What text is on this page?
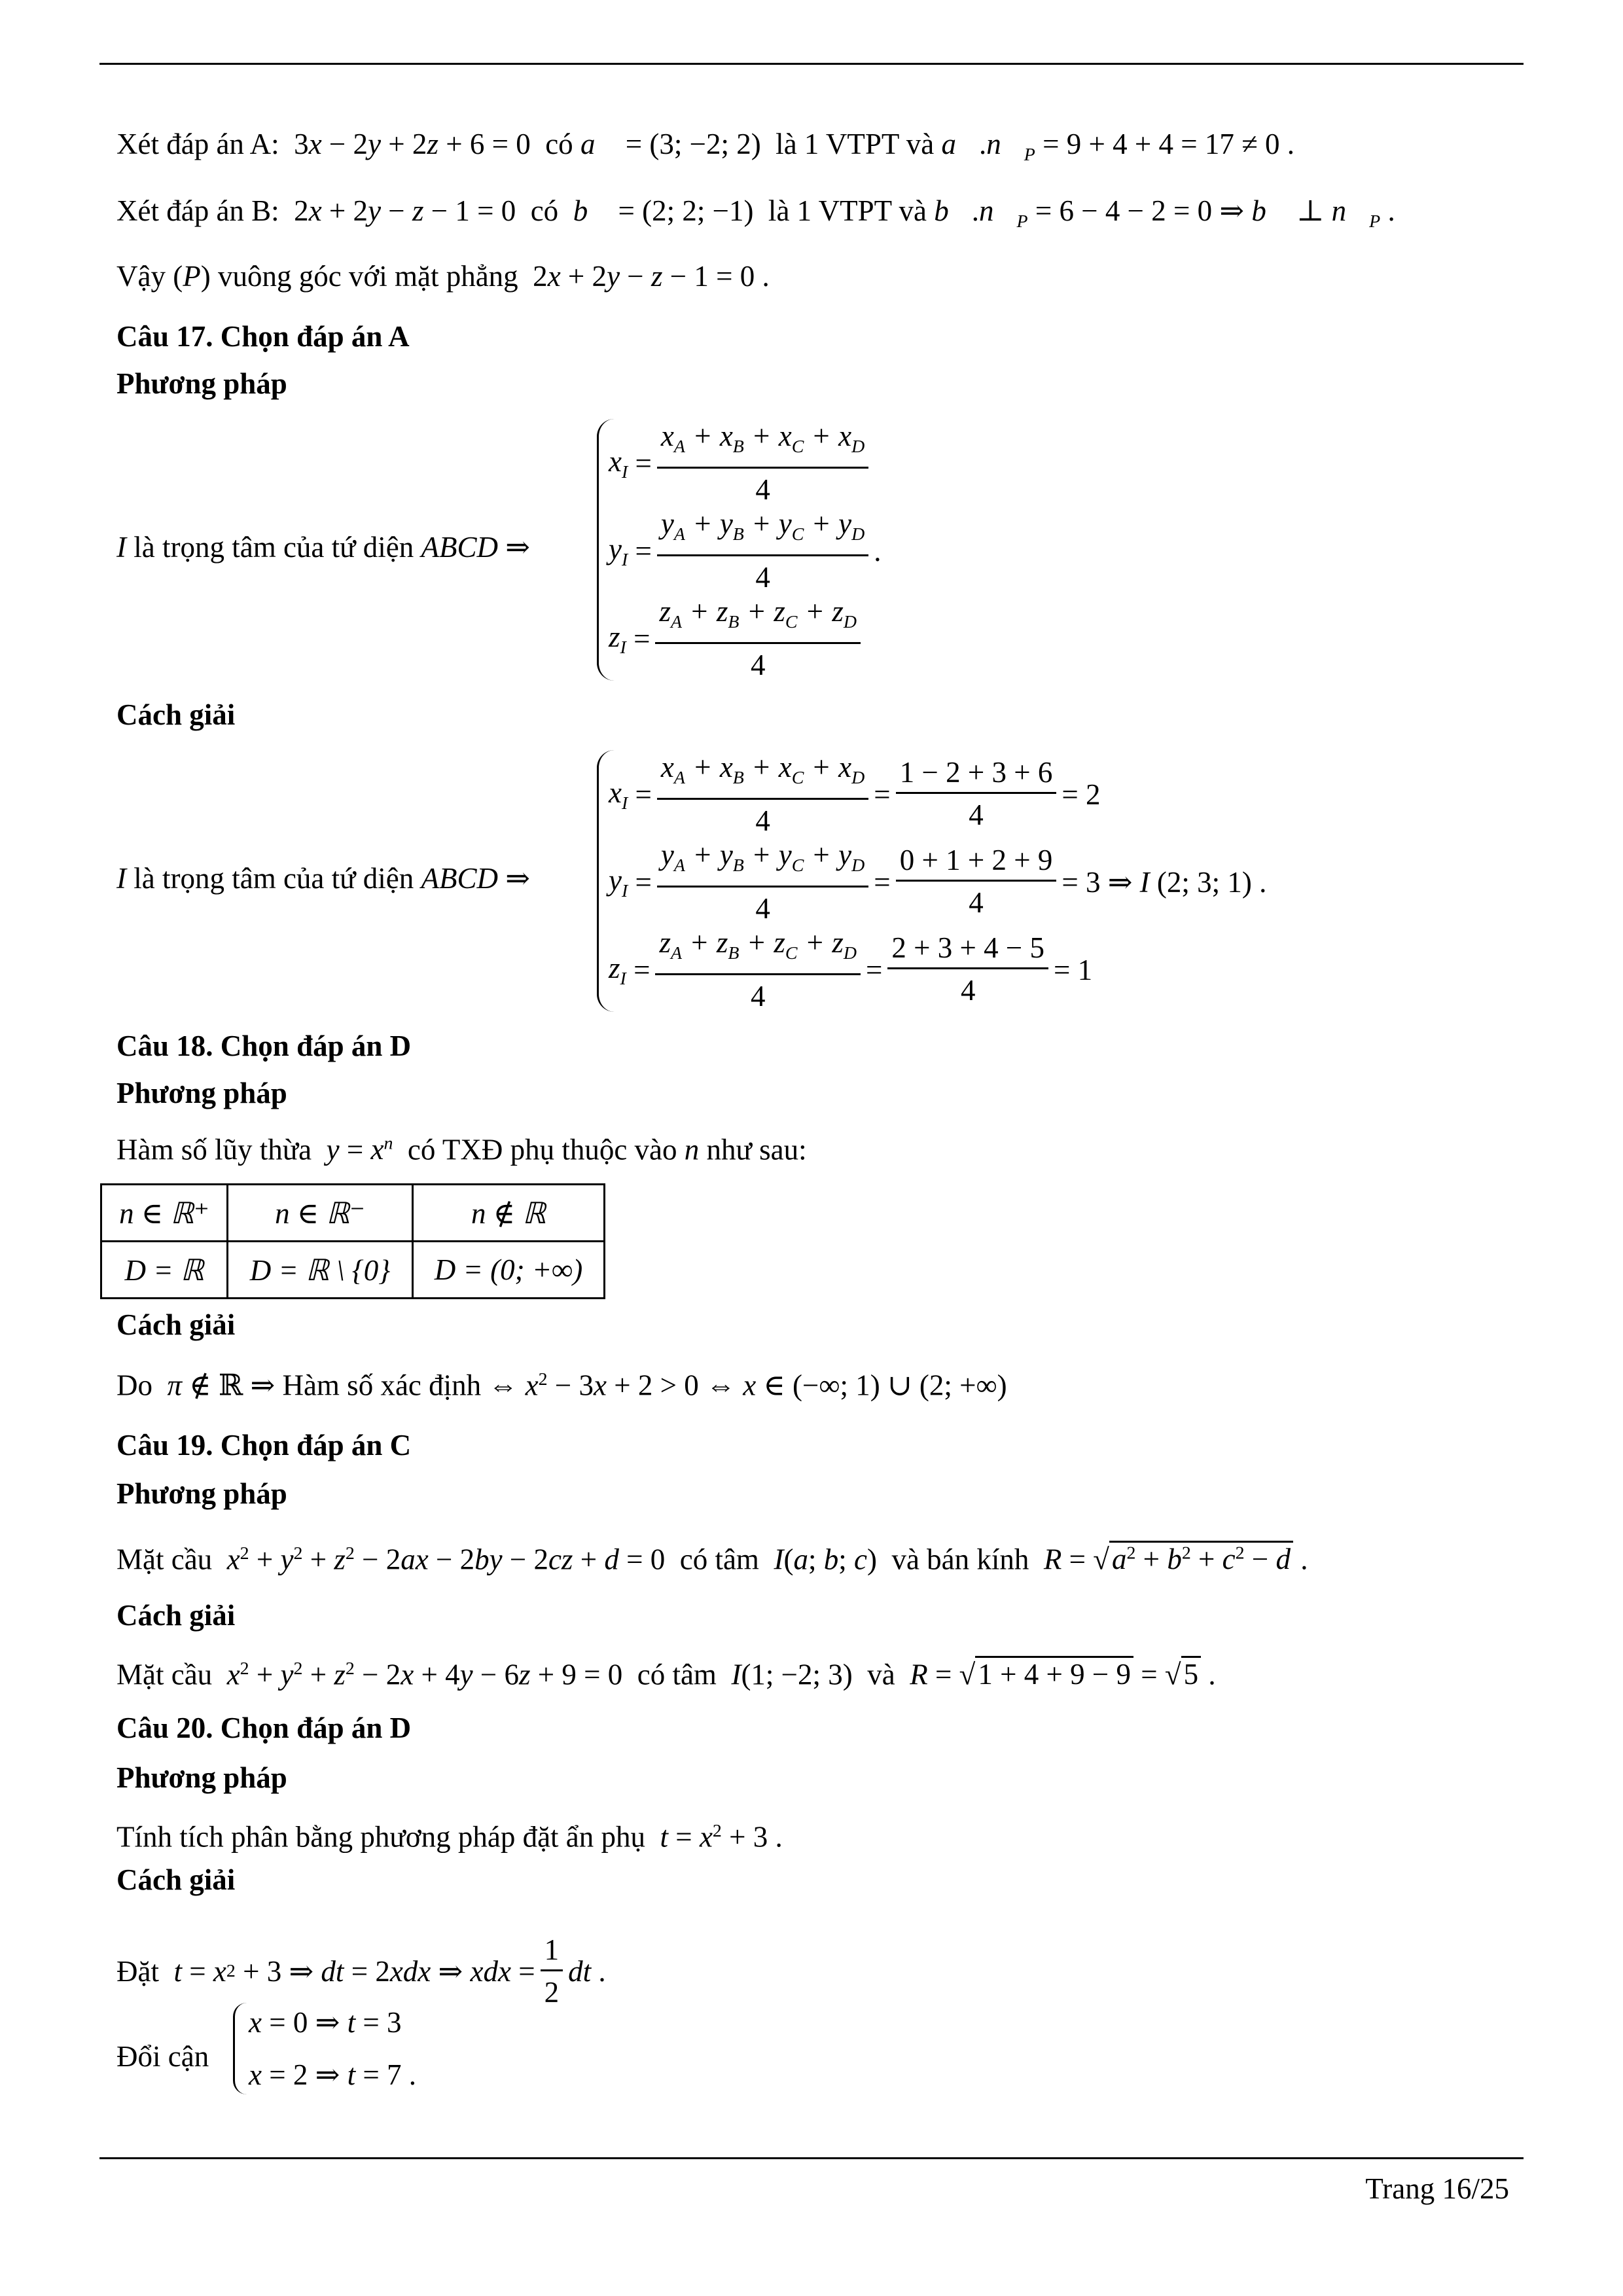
Xét đáp án A:  3x − 2y + 2z + 6 = 0  có a⃗ = (3; −2; 2)  là 1 VTPT và $a⃗.n⃗_P = 9 + 4 + 4 = 17 \ne 0$ .
Xét đáp án B:  2x + 2y − z − 1 = 0  có  b⃗ = (2; 2; −1)  là 1 VTPT và $b⃗.n⃗_P = 6 - 4 - 2 = 0$ ⇒ b⃗ ⊥ $n⃗_P$ .
Vậy (P) vuông góc với mặt phẳng  2x + 2y − z − 1 = 0 .
Câu 17. Chọn đáp án A
Phương pháp
I là trọng tâm của tứ diện ABCD ⇒
$x_I = \frac{x_A + x_B + x_C + x_D}{4}$
$y_I = \frac{y_A + y_B + y_C + y_D}{4}$ .
$z_I = \frac{z_A + z_B + z_C + z_D}{4}$
Cách giải
I là trọng tâm của tứ diện ABCD ⇒
$x_I = \frac{x_A + x_B + x_C + x_D}{4} = \frac{1 - 2 + 3 + 6}{4} = 2$
$y_I = \frac{y_A + y_B + y_C + y_D}{4} = \frac{0 + 1 + 2 + 9}{4} = 3$ ⇒ I (2; 3; 1) .
$z_I = \frac{z_A + z_B + z_C + z_D}{4} = \frac{2 + 3 + 4 - 5}{4} = 1$
Câu 18. Chọn đáp án D
Phương pháp
Hàm số lũy thừa  $y = x^n$  có TXĐ phụ thuộc vào n như sau:
n ∈ ℝ⁺	n ∈ ℝ⁻	n ∉ ℝ
D = ℝ	D = ℝ \ {0}	D = (0; +∞)
Cách giải
Do  π ∉ ℝ ⇒ Hàm số xác định ⇔ $x^2 - 3x + 2 > 0$ ⇔ x ∈ (−∞; 1) ∪ (2; +∞)
Câu 19. Chọn đáp án C
Phương pháp
Mặt cầu  $x^2 + y^2 + z^2 - 2ax - 2by - 2cz + d = 0$  có tâm  I(a; b; c)  và bán kính  $R = √a^2 + b^2 + c^2 - d$ .
Cách giải
Mặt cầu  $x^2 + y^2 + z^2 - 2x + 4y - 6z + 9 = 0$  có tâm  I(1; −2; 3)  và  R = √1 + 4 + 9 − 9 = √5 .
Câu 20. Chọn đáp án D
Phương pháp
Tính tích phân bằng phương pháp đặt ẩn phụ  $t = x^2 + 3$ .
Cách giải
Đặt t = x 2 + 3 ⇒ dt = 2 xdx ⇒ xdx = $\frac{1}{2}$ dt .
Đổi cận
x = 0 ⇒ t = 3
x = 2 ⇒ t = 7 .
Trang 16/25
